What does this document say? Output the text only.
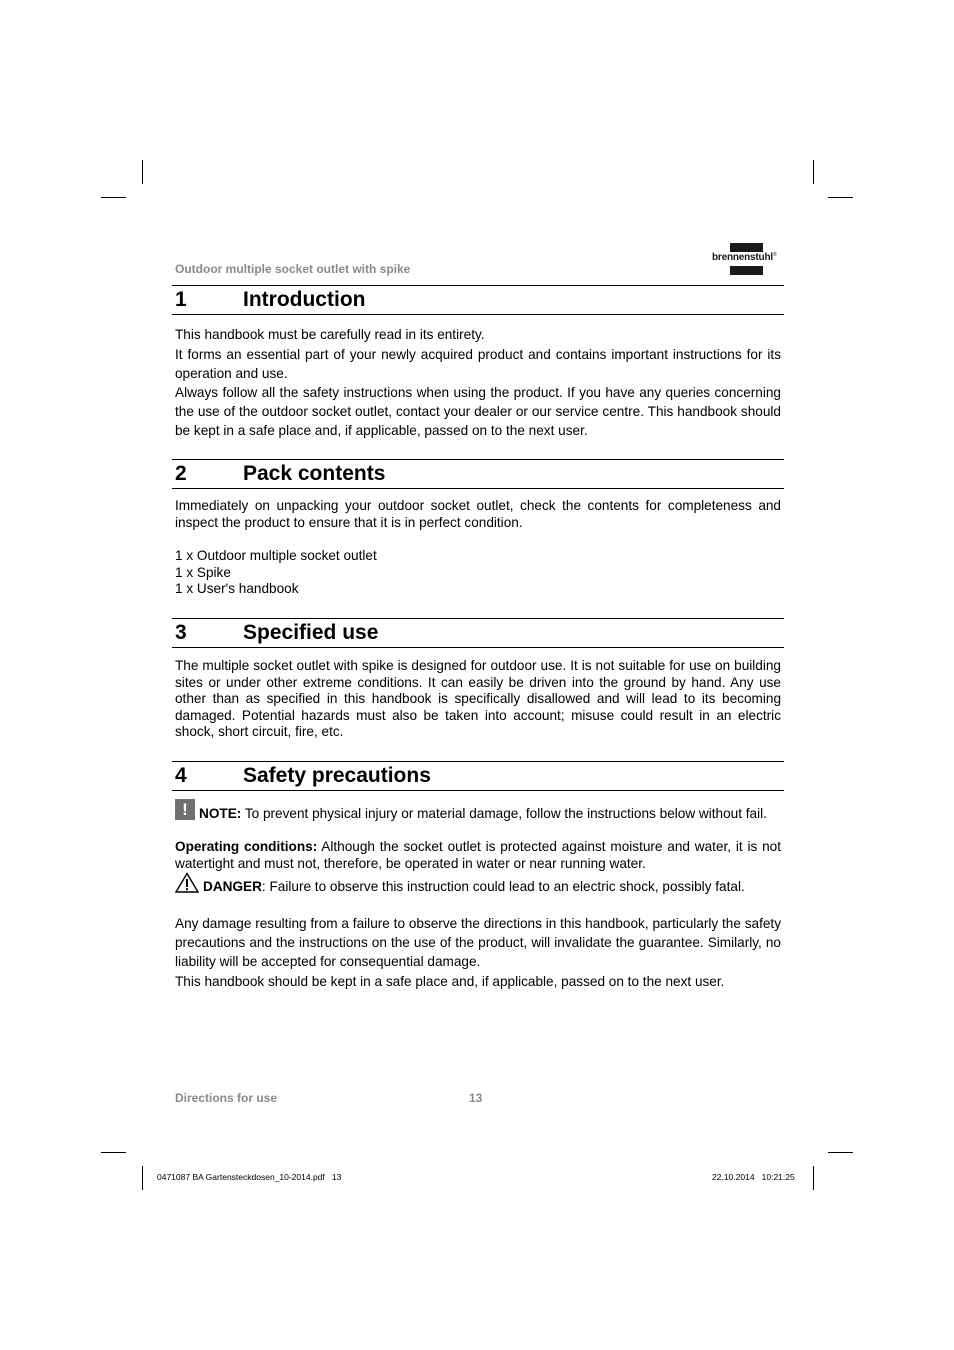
Outdoor multiple socket outlet with spike
brennenstuhl®
1	Introduction

This handbook must be carefully read in its entirety.

It forms an essential part of your newly acquired product and contains important instructions for its operation and use.

Always follow all the safety instructions when using the product. If you have any queries concerning the use of the outdoor socket outlet, contact your dealer or our service centre. This handbook should be kept in a safe place and, if applicable, passed on to the next user.

2	Pack contents

Immediately on unpacking your outdoor socket outlet, check the contents for completeness and inspect the product to ensure that it is in perfect condition.

1 x Outdoor multiple socket outlet
1 x Spike
1 x User's handbook
3	Specified use

The multiple socket outlet with spike is designed for outdoor use. It is not suitable for use on building sites or under other extreme conditions. It can easily be driven into the ground by hand. Any use other than as specified in this handbook is specifically disallowed and will lead to its becoming damaged. Potential hazards must also be taken into account; misuse could result in an electric shock, short circuit, fire, etc.

4	Safety precautions
! NOTE: To prevent physical injury or material damage, follow the instructions below without fail.

Operating conditions: Although the socket outlet is protected against moisture and water, it is not watertight and must not, therefore, be operated in water or near running water.

DANGER: Failure to observe this instruction could lead to an electric shock, possibly fatal.

Any damage resulting from a failure to observe the directions in this handbook, particularly the safety precautions and the instructions on the use of the product, will invalidate the guarantee. Similarly, no liability will be accepted for consequential damage.

This handbook should be kept in a safe place and, if applicable, passed on to the next user.

Directions for use	13
0471087 BA Gartensteckdosen_10-2014.pdf   13	22.10.2014   10:21:25
